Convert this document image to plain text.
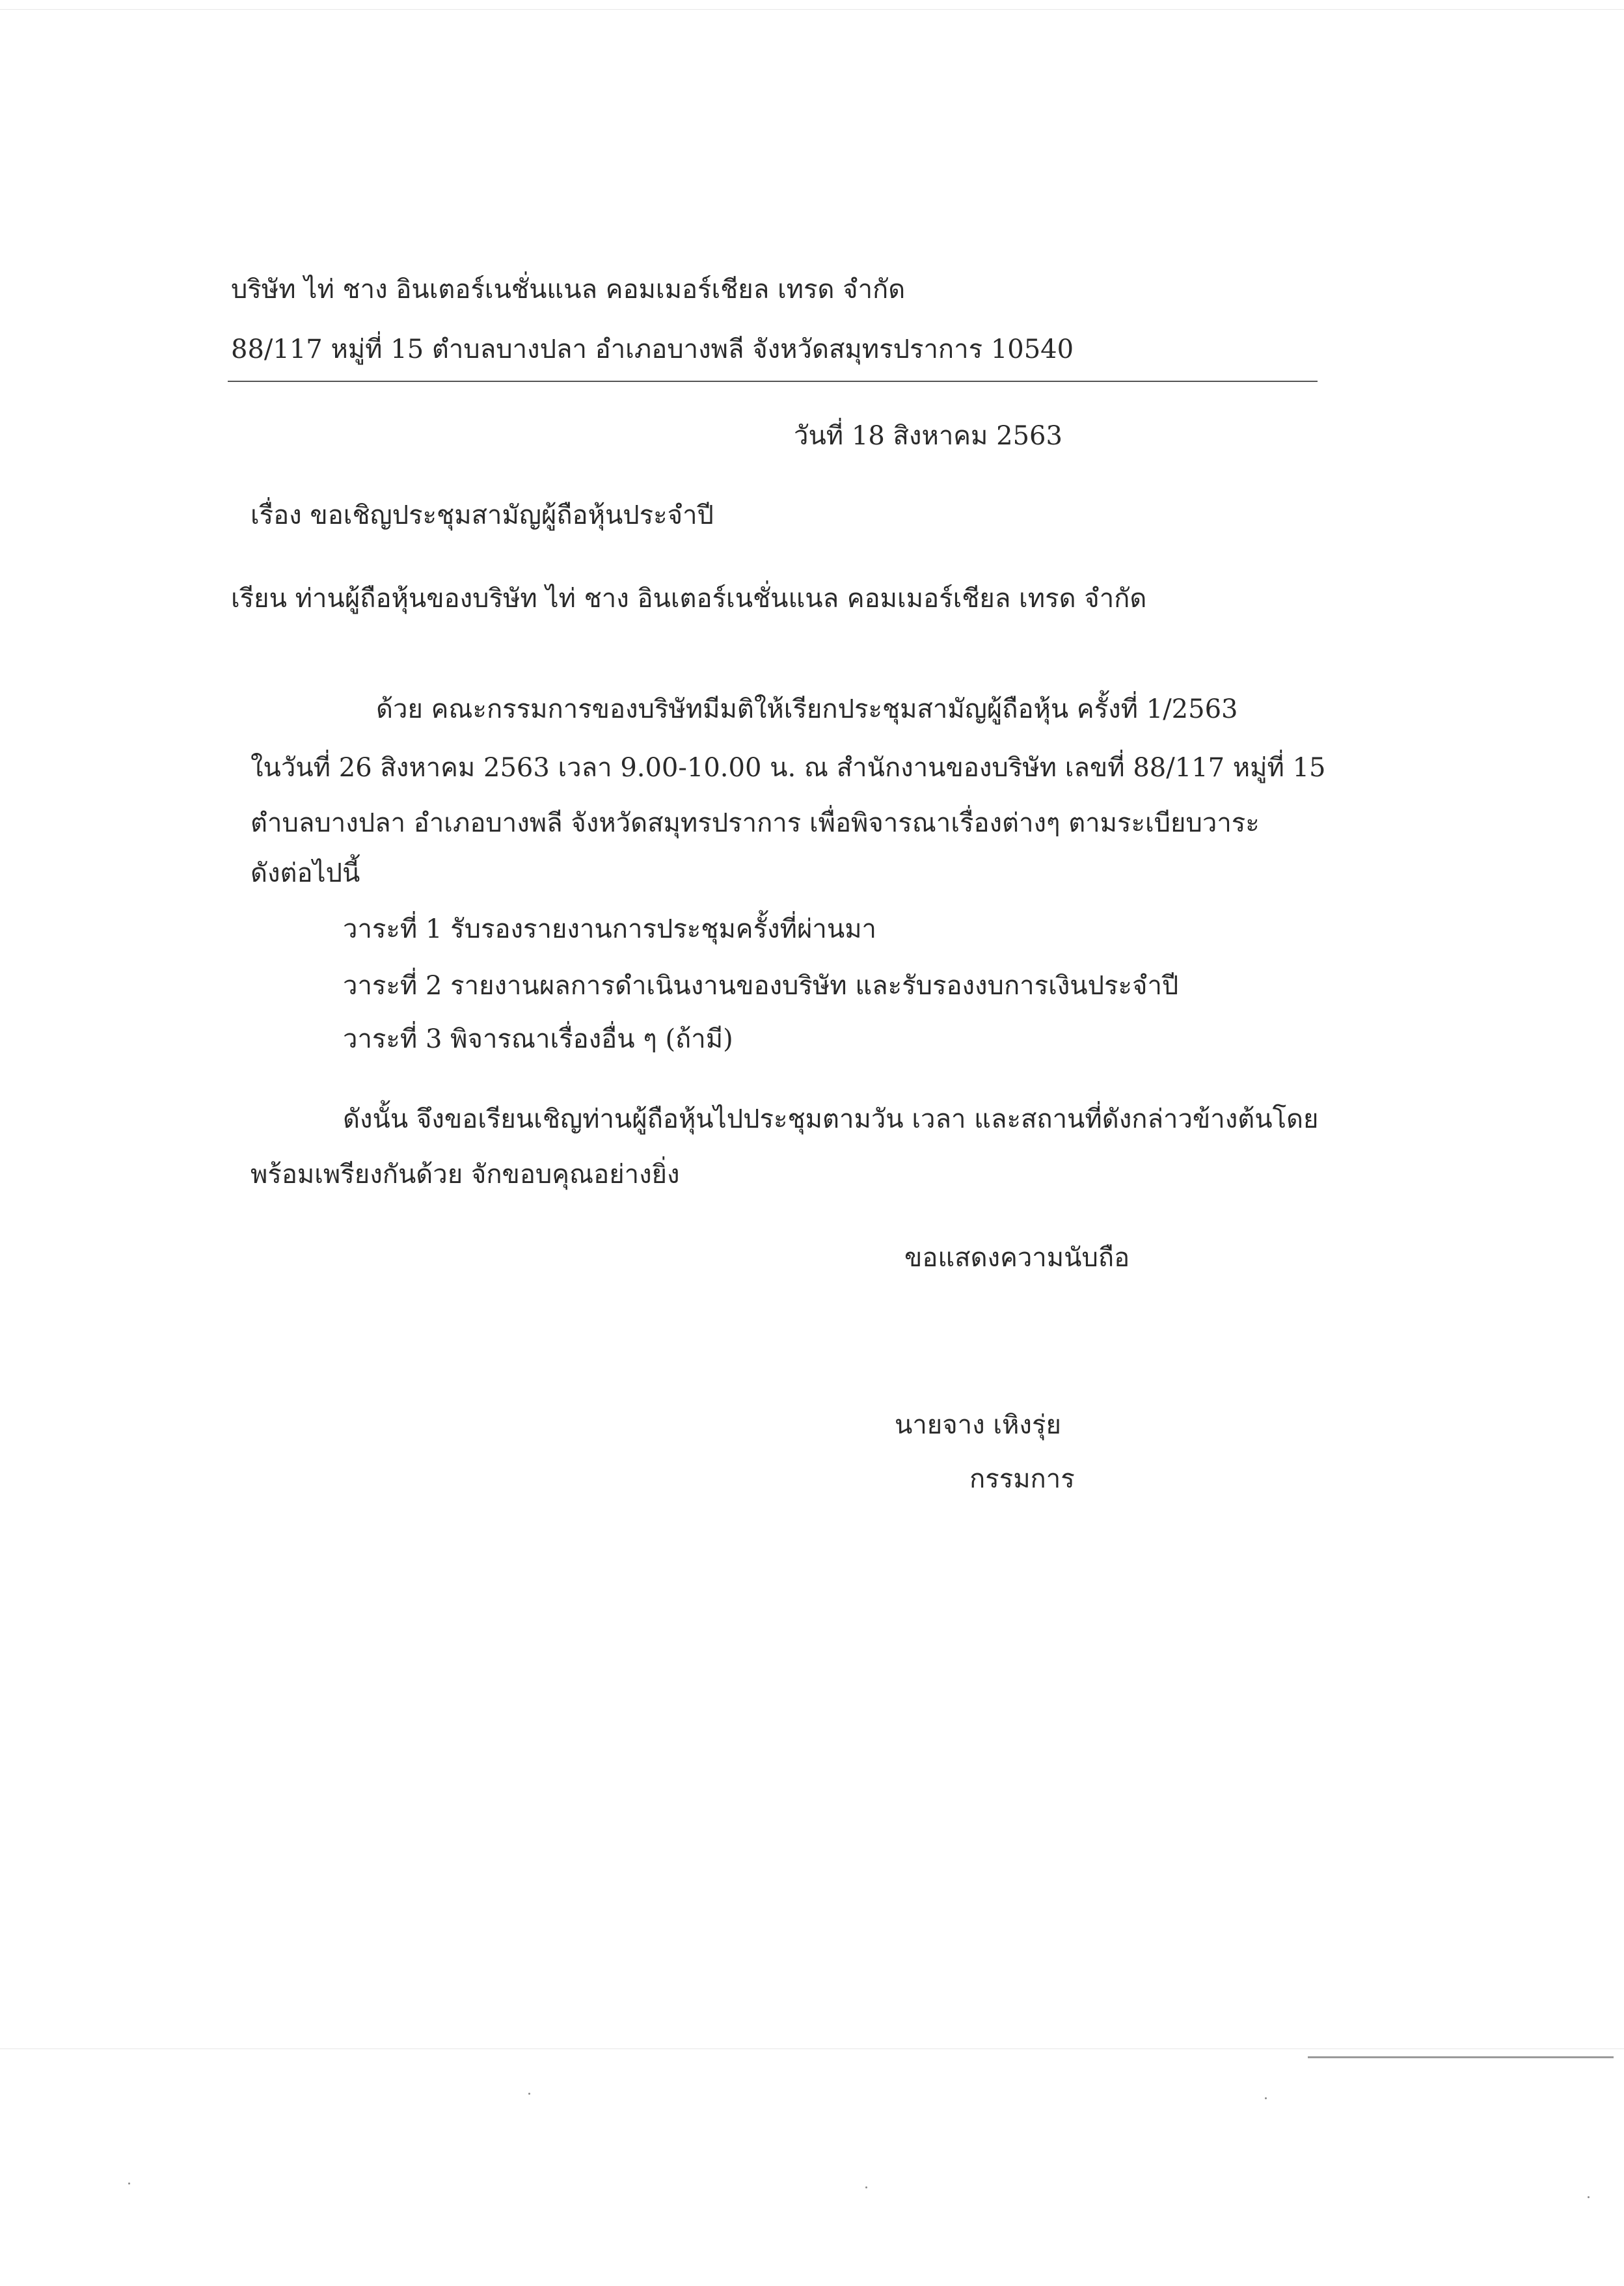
บริษัท ไท่ ชาง อินเตอร์เนชั่นแนล คอมเมอร์เชียล เทรด จำกัด
88/117 หมู่ที่ 15 ตำบลบางปลา อำเภอบางพลี จังหวัดสมุทรปราการ 10540
วันที่ 18 สิงหาคม 2563
เรื่อง ขอเชิญประชุมสามัญผู้ถือหุ้นประจำปี
เรียน ท่านผู้ถือหุ้นของบริษัท ไท่ ชาง อินเตอร์เนชั่นแนล คอมเมอร์เชียล เทรด จำกัด
ด้วย คณะกรรมการของบริษัทมีมติให้เรียกประชุมสามัญผู้ถือหุ้น ครั้งที่ 1/2563
ในวันที่ 26 สิงหาคม 2563 เวลา 9.00-10.00 น. ณ สำนักงานของบริษัท เลขที่ 88/117 หมู่ที่ 15
ตำบลบางปลา อำเภอบางพลี จังหวัดสมุทรปราการ เพื่อพิจารณาเรื่องต่างๆ ตามระเบียบวาระ
ดังต่อไปนี้
วาระที่ 1 รับรองรายงานการประชุมครั้งที่ผ่านมา
วาระที่ 2 รายงานผลการดำเนินงานของบริษัท และรับรองงบการเงินประจำปี
วาระที่ 3 พิจารณาเรื่องอื่น ๆ (ถ้ามี)
ดังนั้น จึงขอเรียนเชิญท่านผู้ถือหุ้นไปประชุมตามวัน เวลา และสถานที่ดังกล่าวข้างต้นโดย
พร้อมเพรียงกันด้วย จักขอบคุณอย่างยิ่ง
ขอแสดงความนับถือ
นายจาง เหิงรุ่ย
กรรมการ
